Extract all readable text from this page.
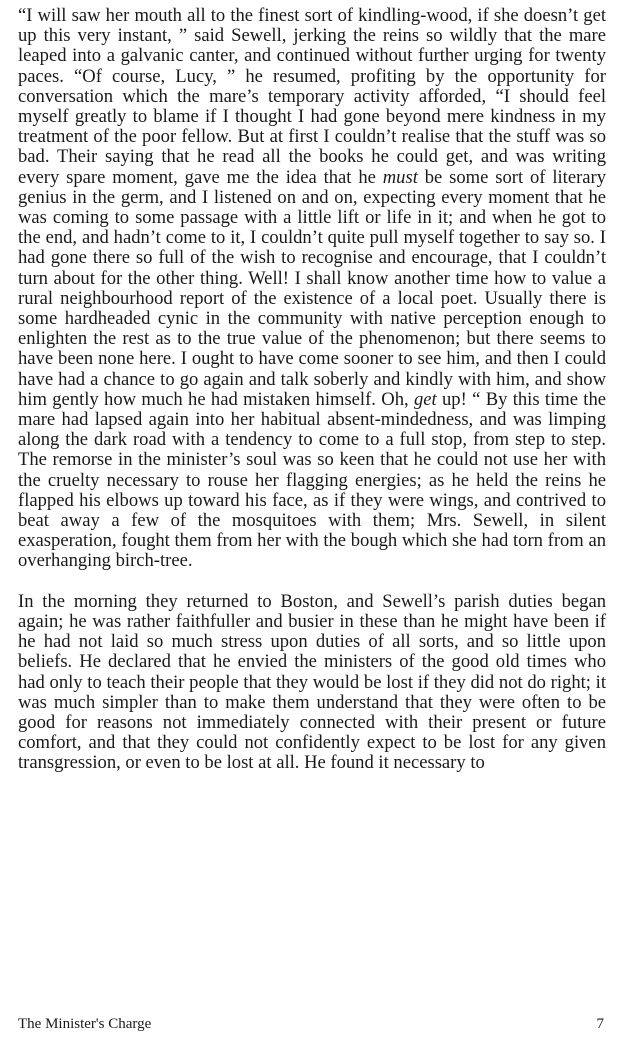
“I will saw her mouth all to the finest sort of kindling-wood, if she doesn’t get up this very instant, ” said Sewell, jerking the reins so wildly that the mare leaped into a galvanic canter, and continued without further urging for twenty paces. “Of course, Lucy, ” he resumed, profiting by the opportunity for conversation which the mare’s temporary activity afforded, “I should feel myself greatly to blame if I thought I had gone beyond mere kindness in my treatment of the poor fellow. But at first I couldn’t realise that the stuff was so bad. Their saying that he read all the books he could get, and was writing every spare moment, gave me the idea that he must be some sort of literary genius in the germ, and I listened on and on, expecting every moment that he was coming to some passage with a little lift or life in it; and when he got to the end, and hadn’t come to it, I couldn’t quite pull myself together to say so. I had gone there so full of the wish to recognise and encourage, that I couldn’t turn about for the other thing. Well! I shall know another time how to value a rural neighbourhood report of the existence of a local poet. Usually there is some hardheaded cynic in the community with native perception enough to enlighten the rest as to the true value of the phenomenon; but there seems to have been none here. I ought to have come sooner to see him, and then I could have had a chance to go again and talk soberly and kindly with him, and show him gently how much he had mistaken himself. Oh, get up! “ By this time the mare had lapsed again into her habitual absent-mindedness, and was limping along the dark road with a tendency to come to a full stop, from step to step. The remorse in the minister’s soul was so keen that he could not use her with the cruelty necessary to rouse her flagging energies; as he held the reins he flapped his elbows up toward his face, as if they were wings, and contrived to beat away a few of the mosquitoes with them; Mrs. Sewell, in silent exasperation, fought them from her with the bough which she had torn from an overhanging birch-tree.

In the morning they returned to Boston, and Sewell’s parish duties began again; he was rather faithfuller and busier in these than he might have been if he had not laid so much stress upon duties of all sorts, and so little upon beliefs. He declared that he envied the ministers of the good old times who had only to teach their people that they would be lost if they did not do right; it was much simpler than to make them understand that they were often to be good for reasons not immediately connected with their present or future comfort, and that they could not confidently expect to be lost for any given transgression, or even to be lost at all. He found it necessary to

The Minister's Charge	7
